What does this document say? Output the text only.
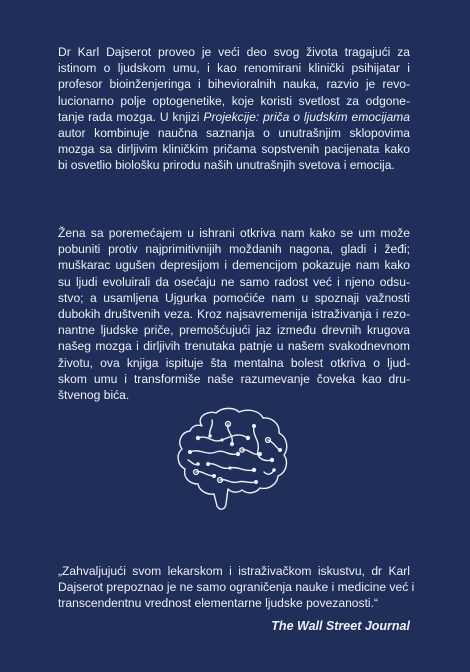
Dr Karl Dajserot proveo je veći deo svog života tragajući za
istinom o ljudskom umu, i kao renomirani klinički psihijatar i
profesor bioinženjeringa i bihevioralnih nauka, razvio je revo-
lucionarno polje optogenetike, koje koristi svetlost za odgone-
tanje rada mozga. U knjizi Projekcije: priča o ljudskim emocijama
autor kombinuje naučna saznanja o unutrašnjim sklopovima
mozga sa dirljivim kliničkim pričama sopstvenih pacijenata kako
bi osvetlio biološku prirodu naših unutrašnjih svetova i emocija.

Žena sa poremećajem u ishrani otkriva nam kako se um može
pobuniti protiv najprimitivnijih moždanih nagona, gladi i žeđi;
muškarac ugušen depresijom i demencijom pokazuje nam kako
su ljudi evoluirali da osećaju ne samo radost već i njeno odsu-
stvo; a usamljena Ujgurka pomoćiće nam u spoznaji važnosti
dubokih društvenih veza. Kroz najsavremenija istraživanja i rezo-
nantne ljudske priče, premošćujući jaz između drevnih krugova
našeg mozga i dirljivih trenutaka patnje u našem svakodnevnom
životu, ova knjiga ispituje šta mentalna bolest otkriva o ljud-
skom umu i transformiše naše razumevanje čoveka kao dru-
štvenog bića.

„Zahvaljujući svom lekarskom i istraživačkom iskustvu, dr Karl
Dajserot prepoznao je ne samo ograničenja nauke i medicine već i
transcendentnu vrednost elementarne ljudske povezanosti.“

The Wall Street Journal
